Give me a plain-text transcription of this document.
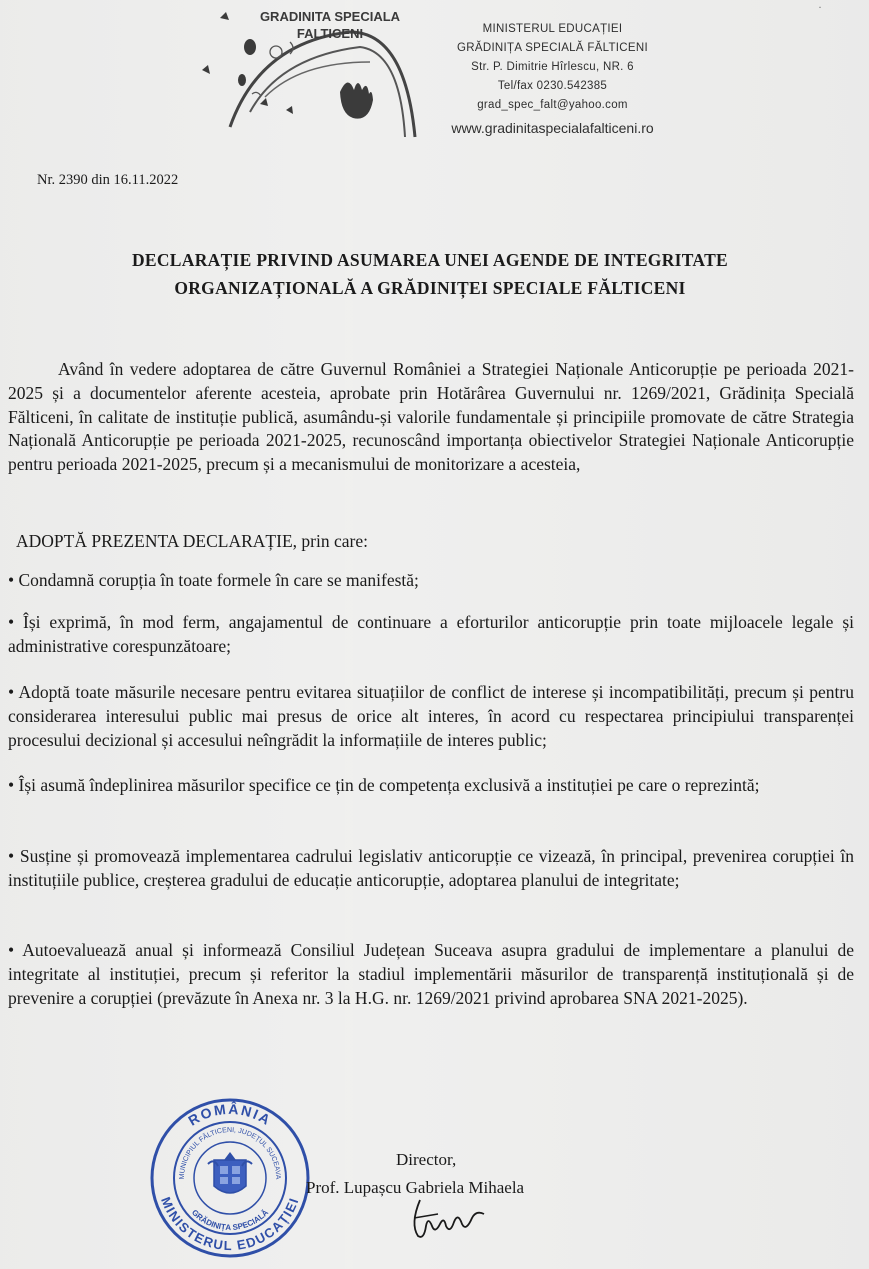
GRADINITA SPECIALA
FALTICENI	MINISTERUL EDUCAȚIEI
GRĂDINIȚA SPECIALĂ FĂLTICENI
Str. P. Dimitrie Hîrlescu, NR. 6
Tel/fax 0230.542385
grad_spec_falt@yahoo.com
www.gradinitaspecialafalticeni.ro
·
Nr. 2390 din 16.11.2022
DECLARAȚIE PRIVIND ASUMAREA UNEI AGENDE DE INTEGRITATE
ORGANIZAȚIONALĂ A GRĂDINIȚEI SPECIALE FĂLTICENI
Având în vedere adoptarea de către Guvernul României a Strategiei Naționale Anticorupție pe perioada 2021-2025 și a documentelor aferente acesteia, aprobate prin Hotărârea Guvernului nr. 1269/2021, Grădinița Specială Fălticeni, în calitate de instituție publică, asumându-și valorile fundamentale și principiile promovate de către Strategia Națională Anticorupție pe perioada 2021-2025, recunoscând importanța obiectivelor Strategiei Naționale Anticorupție pentru perioada 2021-2025, precum și a mecanismului de monitorizare a acesteia,
ADOPTĂ PREZENTA DECLARAȚIE, prin care:
• Condamnă corupția în toate formele în care se manifestă;
• Își exprimă, în mod ferm, angajamentul de continuare a eforturilor anticorupție prin toate mijloacele legale și administrative corespunzătoare;
• Adoptă toate măsurile necesare pentru evitarea situațiilor de conflict de interese și incompatibilități, precum și pentru considerarea interesului public mai presus de orice alt interes, în acord cu respectarea principiului transparenței procesului decizional și accesului neîngrădit la informațiile de interes public;
• Își asumă îndeplinirea măsurilor specifice ce țin de competența exclusivă a instituției pe care o reprezintă;
• Susține și promovează implementarea cadrului legislativ anticorupție ce vizează, în principal, prevenirea corupției în instituțiile publice, creșterea gradului de educație anticorupție, adoptarea planului de integritate;
• Autoevaluează anual și informează Consiliul Județean Suceava asupra gradului de implementare a planului de integritate al instituției, precum și referitor la stadiul implementării măsurilor de transparență instituțională și de prevenire a corupției (prevăzute în Anexa nr. 3 la H.G. nr. 1269/2021 privind aprobarea SNA 2021-2025).
ROMÂNIA
MINISTERUL EDUCAȚIEI
MUNICIPIUL FĂLTICENI, JUDEȚUL SUCEAVA
GRĂDINIȚA SPECIALĂ
Director,
Prof. Lupașcu Gabriela Mihaela
